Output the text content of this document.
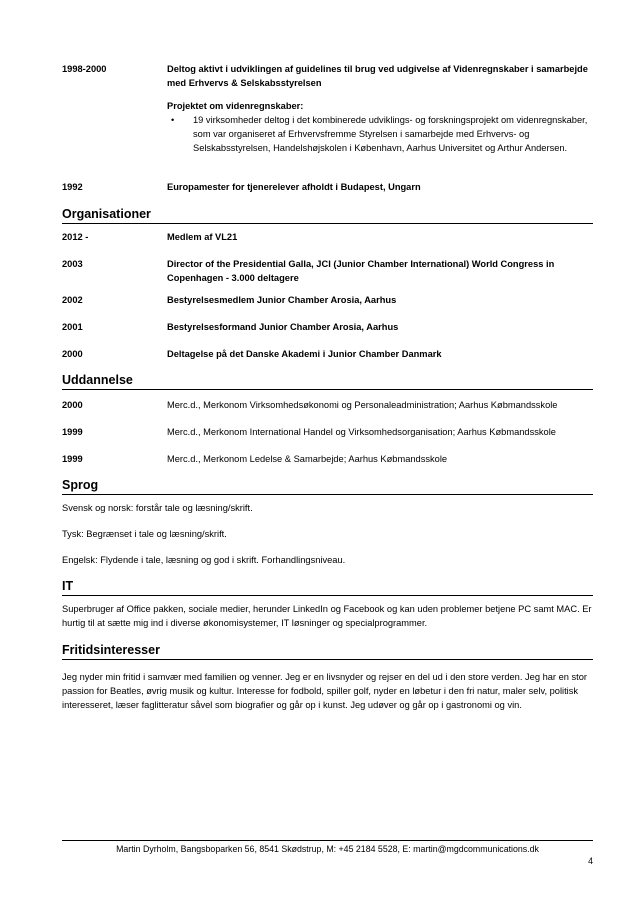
1998-2000	Deltog aktivt i udviklingen af guidelines til brug ved udgivelse af Videnregnskaber i samarbejde med Erhvervs & Selskabsstyrelsen
Projektet om videnregnskaber:
• 19 virksomheder deltog i det kombinerede udviklings- og forskningsprojekt om videnregnskaber, som var organiseret af Erhvervsfremme Styrelsen i samarbejde med Erhvervs- og Selskabsstyrelsen, Handelshøjskolen i København, Aarhus Universitet og Arthur Andersen.
1992	Europamester for tjenerelever afholdt i Budapest, Ungarn
Organisationer
2012 -	Medlem af VL21
2003	Director of the Presidential Galla, JCI (Junior Chamber International) World Congress in Copenhagen - 3.000 deltagere
2002	Bestyrelsesmedlem Junior Chamber Arosia, Aarhus
2001	Bestyrelsesformand Junior Chamber Arosia, Aarhus
2000	Deltagelse på det Danske Akademi i Junior Chamber Danmark
Uddannelse
2000	Merc.d., Merkonom Virksomhedsøkonomi og Personaleadministration; Aarhus Købmandsskole
1999	Merc.d., Merkonom International Handel og Virksomhedsorganisation; Aarhus Købmandsskole
1999	Merc.d., Merkonom Ledelse & Samarbejde; Aarhus Købmandsskole
Sprog
Svensk og norsk: forstår tale og læsning/skrift.
Tysk: Begrænset i tale og læsning/skrift.
Engelsk: Flydende i tale, læsning og god i skrift. Forhandlingsniveau.
IT
Superbruger af Office pakken, sociale medier, herunder LinkedIn og Facebook og kan uden problemer betjene PC samt MAC. Er hurtig til at sætte mig ind i diverse økonomisystemer, IT løsninger og specialprogrammer.
Fritidsinteresser
Jeg nyder min fritid i samvær med familien og venner. Jeg er en livsnyder og rejser en del ud i den store verden. Jeg har en stor passion for Beatles, øvrig musik og kultur. Interesse for fodbold, spiller golf, nyder en løbetur i den fri natur, maler selv, politisk interesseret, læser faglitteratur såvel som biografier og går op i kunst. Jeg udøver og går op i gastronomi og vin.
Martin Dyrholm, Bangsboparken 56, 8541 Skødstrup, M: +45 2184 5528, E: martin@mgdcommunications.dk
4
